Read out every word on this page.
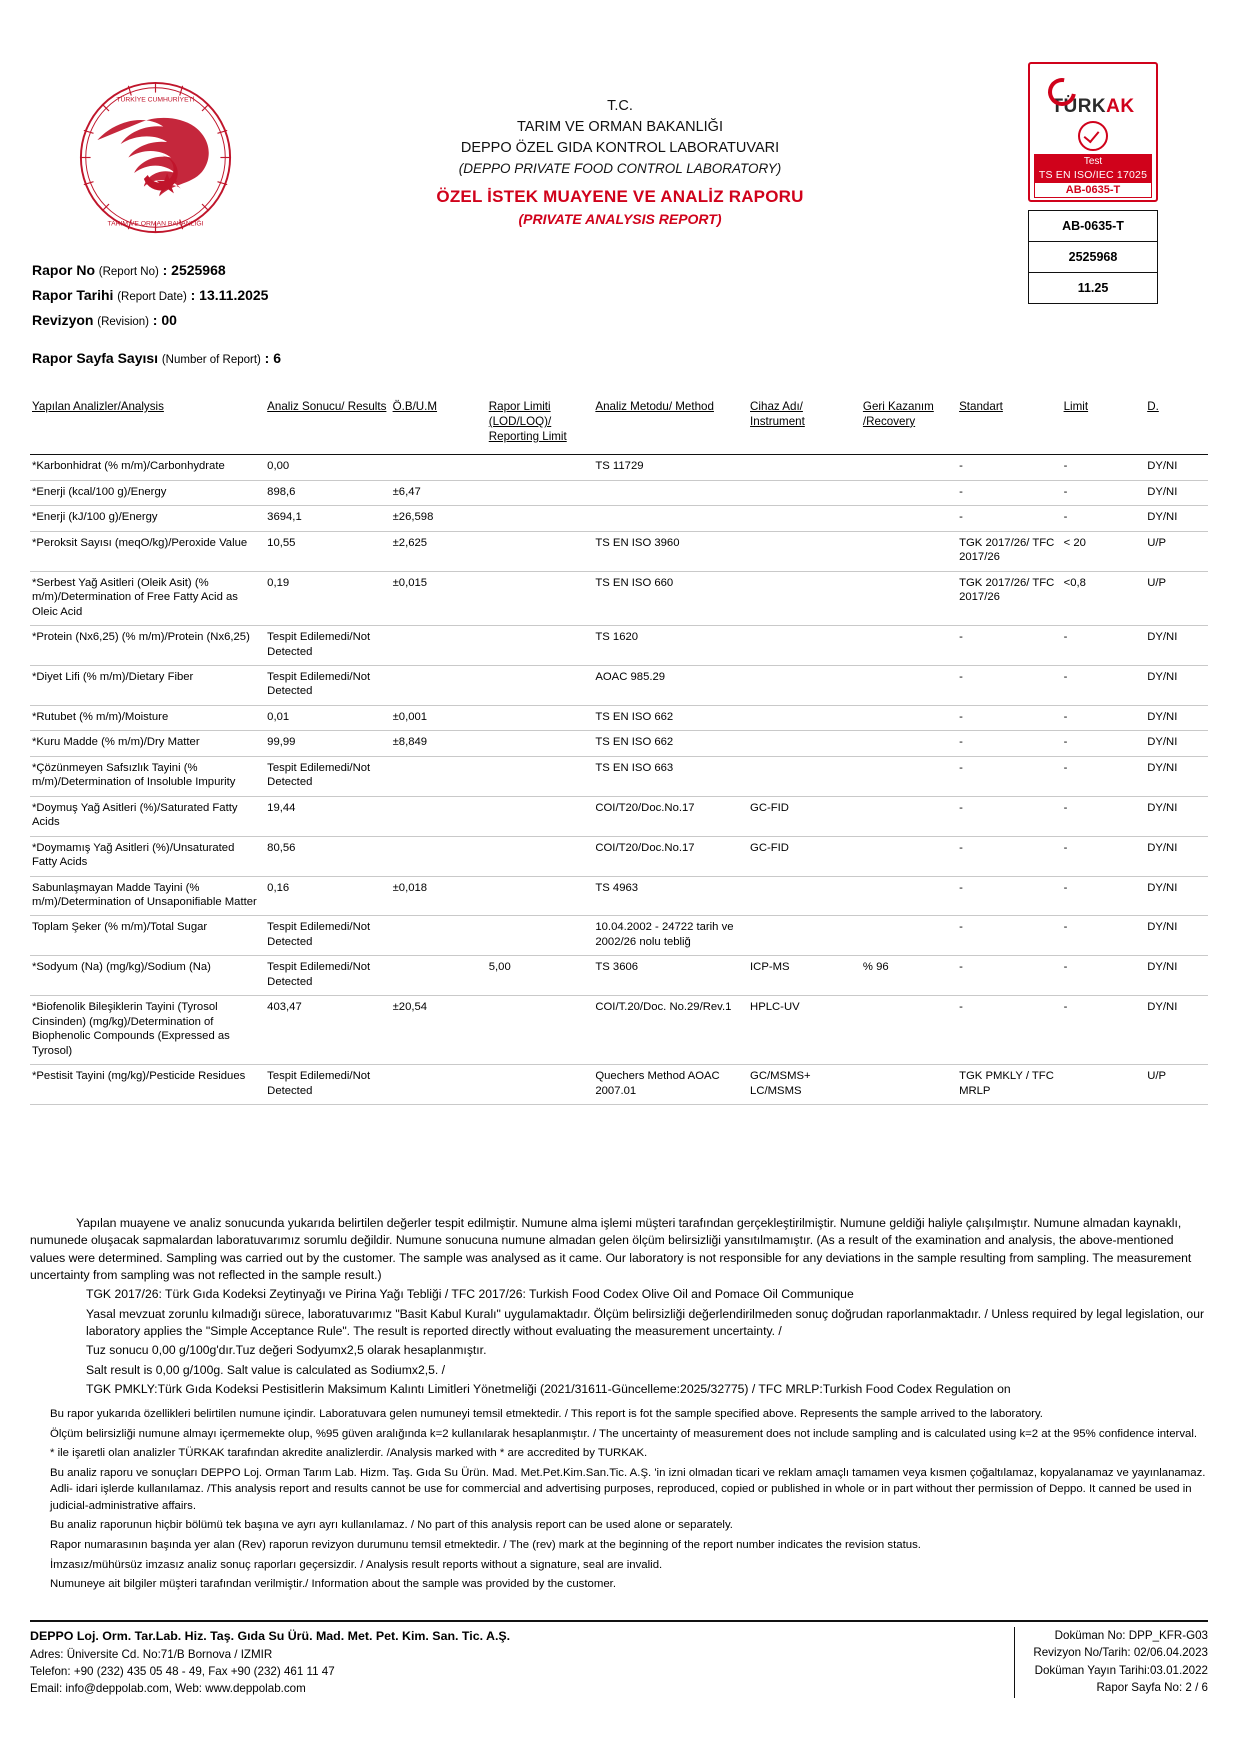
TÜRKİYE CUMHURİYETİ
TARIM VE ORMAN BAKANLIĞI
T.C.
TARIM VE ORMAN BAKANLIĞI
DEPPO ÖZEL GIDA KONTROL LABORATUVARI
(DEPPO PRIVATE FOOD CONTROL LABORATORY)
ÖZEL İSTEK MUAYENE VE ANALİZ RAPORU
(PRIVATE ANALYSIS REPORT)
TÜRKAK
Test
TS EN ISO/IEC 17025
AB-0635-T
AB-0635-T
2525968
11.25
Rapor No (Report No) : 2525968
Rapor Tarihi (Report Date) : 13.11.2025
Revizyon (Revision) : 00
Rapor Sayfa Sayısı (Number of Report) : 6
Yapılan Analizler/Analysis	Analiz Sonucu/ Results	Ö.B/U.M	Rapor Limiti (LOD/LOQ)/ Reporting Limit	Analiz Metodu/ Method	Cihaz Adı/ Instrument	Geri Kazanım /Recovery	Standart	Limit	D.
*Karbonhidrat (% m/m)/Carbonhydrate	0,00			TS 11729			-	-	DY/NI
*Enerji (kcal/100 g)/Energy	898,6	±6,47					-	-	DY/NI
*Enerji (kJ/100 g)/Energy	3694,1	±26,598					-	-	DY/NI
*Peroksit Sayısı (meqO/kg)/Peroxide Value	10,55	±2,625		TS EN ISO 3960			TGK 2017/26/ TFC 2017/26	< 20	U/P
*Serbest Yağ Asitleri (Oleik Asit) (% m/m)/Determination of Free Fatty Acid as Oleic Acid	0,19	±0,015		TS EN ISO 660			TGK 2017/26/ TFC 2017/26	<0,8	U/P
*Protein (Nx6,25) (% m/m)/Protein (Nx6,25)	Tespit Edilemedi/Not Detected			TS 1620			-	-	DY/NI
*Diyet Lifi (% m/m)/Dietary Fiber	Tespit Edilemedi/Not Detected			AOAC 985.29			-	-	DY/NI
*Rutubet (% m/m)/Moisture	0,01	±0,001		TS EN ISO 662			-	-	DY/NI
*Kuru Madde (% m/m)/Dry Matter	99,99	±8,849		TS EN ISO 662			-	-	DY/NI
*Çözünmeyen Safsızlık Tayini (% m/m)/Determination of Insoluble Impurity	Tespit Edilemedi/Not Detected			TS EN ISO 663			-	-	DY/NI
*Doymuş Yağ Asitleri (%)/Saturated Fatty Acids	19,44			COI/T20/Doc.No.17	GC-FID		-	-	DY/NI
*Doymamış Yağ Asitleri (%)/Unsaturated Fatty Acids	80,56			COI/T20/Doc.No.17	GC-FID		-	-	DY/NI
Sabunlaşmayan Madde Tayini (% m/m)/Determination of Unsaponifiable Matter	0,16	±0,018		TS 4963			-	-	DY/NI
Toplam Şeker (% m/m)/Total Sugar	Tespit Edilemedi/Not Detected			10.04.2002 - 24722 tarih ve 2002/26 nolu tebliğ			-	-	DY/NI
*Sodyum (Na) (mg/kg)/Sodium (Na)	Tespit Edilemedi/Not Detected		5,00	TS 3606	ICP-MS	% 96	-	-	DY/NI
*Biofenolik Bileşiklerin Tayini (Tyrosol Cinsinden) (mg/kg)/Determination of Biophenolic Compounds (Expressed as Tyrosol)	403,47	±20,54		COI/T.20/Doc. No.29/Rev.1	HPLC-UV		-	-	DY/NI
*Pestisit Tayini (mg/kg)/Pesticide Residues	Tespit Edilemedi/Not Detected			Quechers Method AOAC 2007.01	GC/MSMS+ LC/MSMS		TGK PMKLY / TFC MRLP		U/P

Yapılan muayene ve analiz sonucunda yukarıda belirtilen değerler tespit edilmiştir. Numune alma işlemi müşteri tarafından gerçekleştirilmiştir. Numune geldiği haliyle çalışılmıştır. Numune almadan kaynaklı, numunede oluşacak sapmalardan laboratuvarımız sorumlu değildir. Numune sonucuna numune almadan gelen ölçüm belirsizliği yansıtılmamıştır. (As a result of the examination and analysis, the above-mentioned values were determined. Sampling was carried out by the customer. The sample was analysed as it came. Our laboratory is not responsible for any deviations in the sample resulting from sampling. The measurement uncertainty from sampling was not reflected in the sample result.)

TGK 2017/26: Türk Gıda Kodeksi Zeytinyağı ve Pirina Yağı Tebliği / TFC 2017/26: Turkish Food Codex Olive Oil and Pomace Oil Communique

Yasal mevzuat zorunlu kılmadığı sürece, laboratuvarımız "Basit Kabul Kuralı" uygulamaktadır. Ölçüm belirsizliği değerlendirilmeden sonuç doğrudan raporlanmaktadır. / Unless required by legal legislation, our laboratory applies the "Simple Acceptance Rule". The result is reported directly without evaluating the measurement uncertainty. /

Tuz sonucu 0,00 g/100g'dır.Tuz değeri Sodyumx2,5 olarak hesaplanmıştır.

Salt result is 0,00 g/100g. Salt value is calculated as Sodiumx2,5. /

TGK PMKLY:Türk Gıda Kodeksi Pestisitlerin Maksimum Kalıntı Limitleri Yönetmeliği (2021/31611-Güncelleme:2025/32775) / TFC MRLP:Turkish Food Codex Regulation on

Bu rapor yukarıda özellikleri belirtilen numune içindir. Laboratuvara gelen numuneyi temsil etmektedir. / This report is fot the sample specified above. Represents the sample arrived to the laboratory.

Ölçüm belirsizliği numune almayı içermemekte olup, %95 güven aralığında k=2 kullanılarak hesaplanmıştır. / The uncertainty of measurement does not include sampling and is calculated using k=2 at the 95% confidence interval.

* ile işaretli olan analizler TÜRKAK tarafından akredite analizlerdir. /Analysis marked with * are accredited by TURKAK.

Bu analiz raporu ve sonuçları DEPPO Loj. Orman Tarım Lab. Hizm. Taş. Gıda Su Ürün. Mad. Met.Pet.Kim.San.Tic. A.Ş. 'in izni olmadan ticari ve reklam amaçlı tamamen veya kısmen çoğaltılamaz, kopyalanamaz ve yayınlanamaz. Adli- idari işlerde kullanılamaz. /This analysis report and results cannot be use for commercial and advertising purposes, reproduced, copied or published in whole or in part without ther permission of Deppo. It canned be used in judicial-administrative affairs.

Bu analiz raporunun hiçbir bölümü tek başına ve ayrı ayrı kullanılamaz. / No part of this analysis report can be used alone or separately.

Rapor numarasının başında yer alan (Rev) raporun revizyon durumunu temsil etmektedir. / The (rev) mark at the beginning of the report number indicates the revision status.

İmzasız/mühürsüz imzasız analiz sonuç raporları geçersizdir. / Analysis result reports without a signature, seal are invalid.

Numuneye ait bilgiler müşteri tarafından verilmiştir./ Information about the sample was provided by the customer.

DEPPO Loj. Orm. Tar.Lab. Hiz. Taş. Gıda Su Ürü. Mad. Met. Pet. Kim. San. Tic. A.Ş.
Adres: Üniversite Cd. No:71/B Bornova / IZMIR
Telefon: +90 (232) 435 05 48 - 49, Fax +90 (232) 461 11 47
Email: info@deppolab.com, Web: www.deppolab.com
Doküman No: DPP_KFR-G03
Revizyon No/Tarih: 02/06.04.2023
Doküman Yayın Tarihi:03.01.2022
Rapor Sayfa No: 2 / 6
